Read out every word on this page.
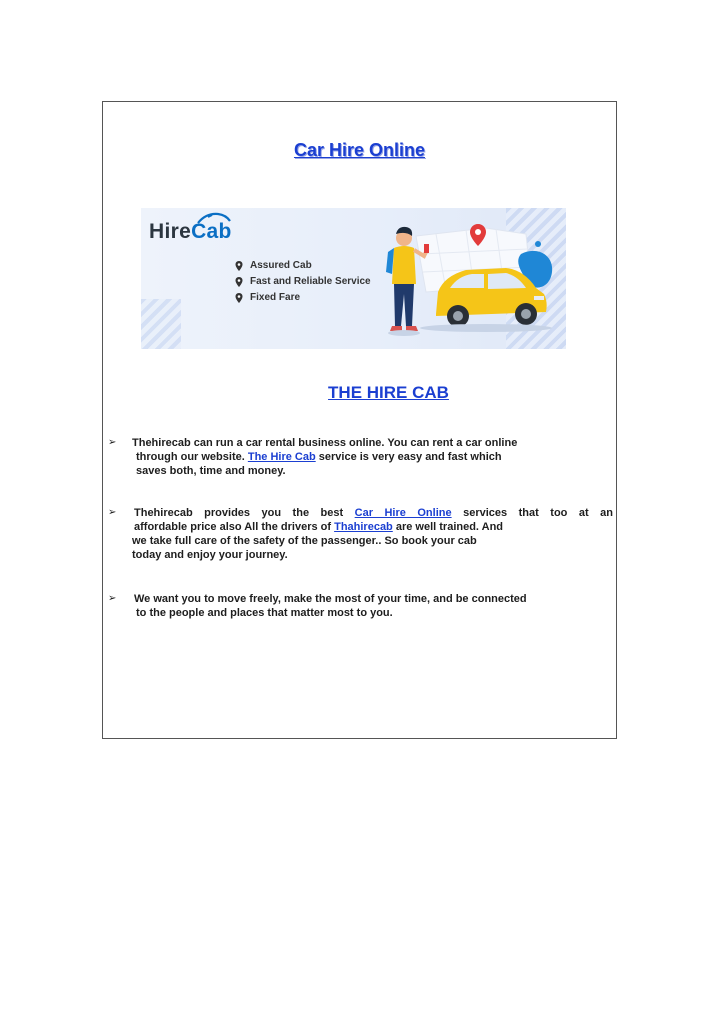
Car Hire Online
HireCab
Assured Cab
Fast and Reliable Service
Fixed Fare
THE HIRE CAB
➢ Thehirecab can run a car rental business online. You can rent a car online
through our website. The Hire Cab service is very easy and fast which
saves both, time and money.
➢ Thehirecab provides you the best Car Hire Online services that too at an
affordable price also All the drivers of Thahirecab are well trained. And
we take full care of the safety of the passenger.. So book your cab
today and enjoy your journey.
➢ We want you to move freely, make the most of your time, and be connected
to the people and places that matter most to you.
